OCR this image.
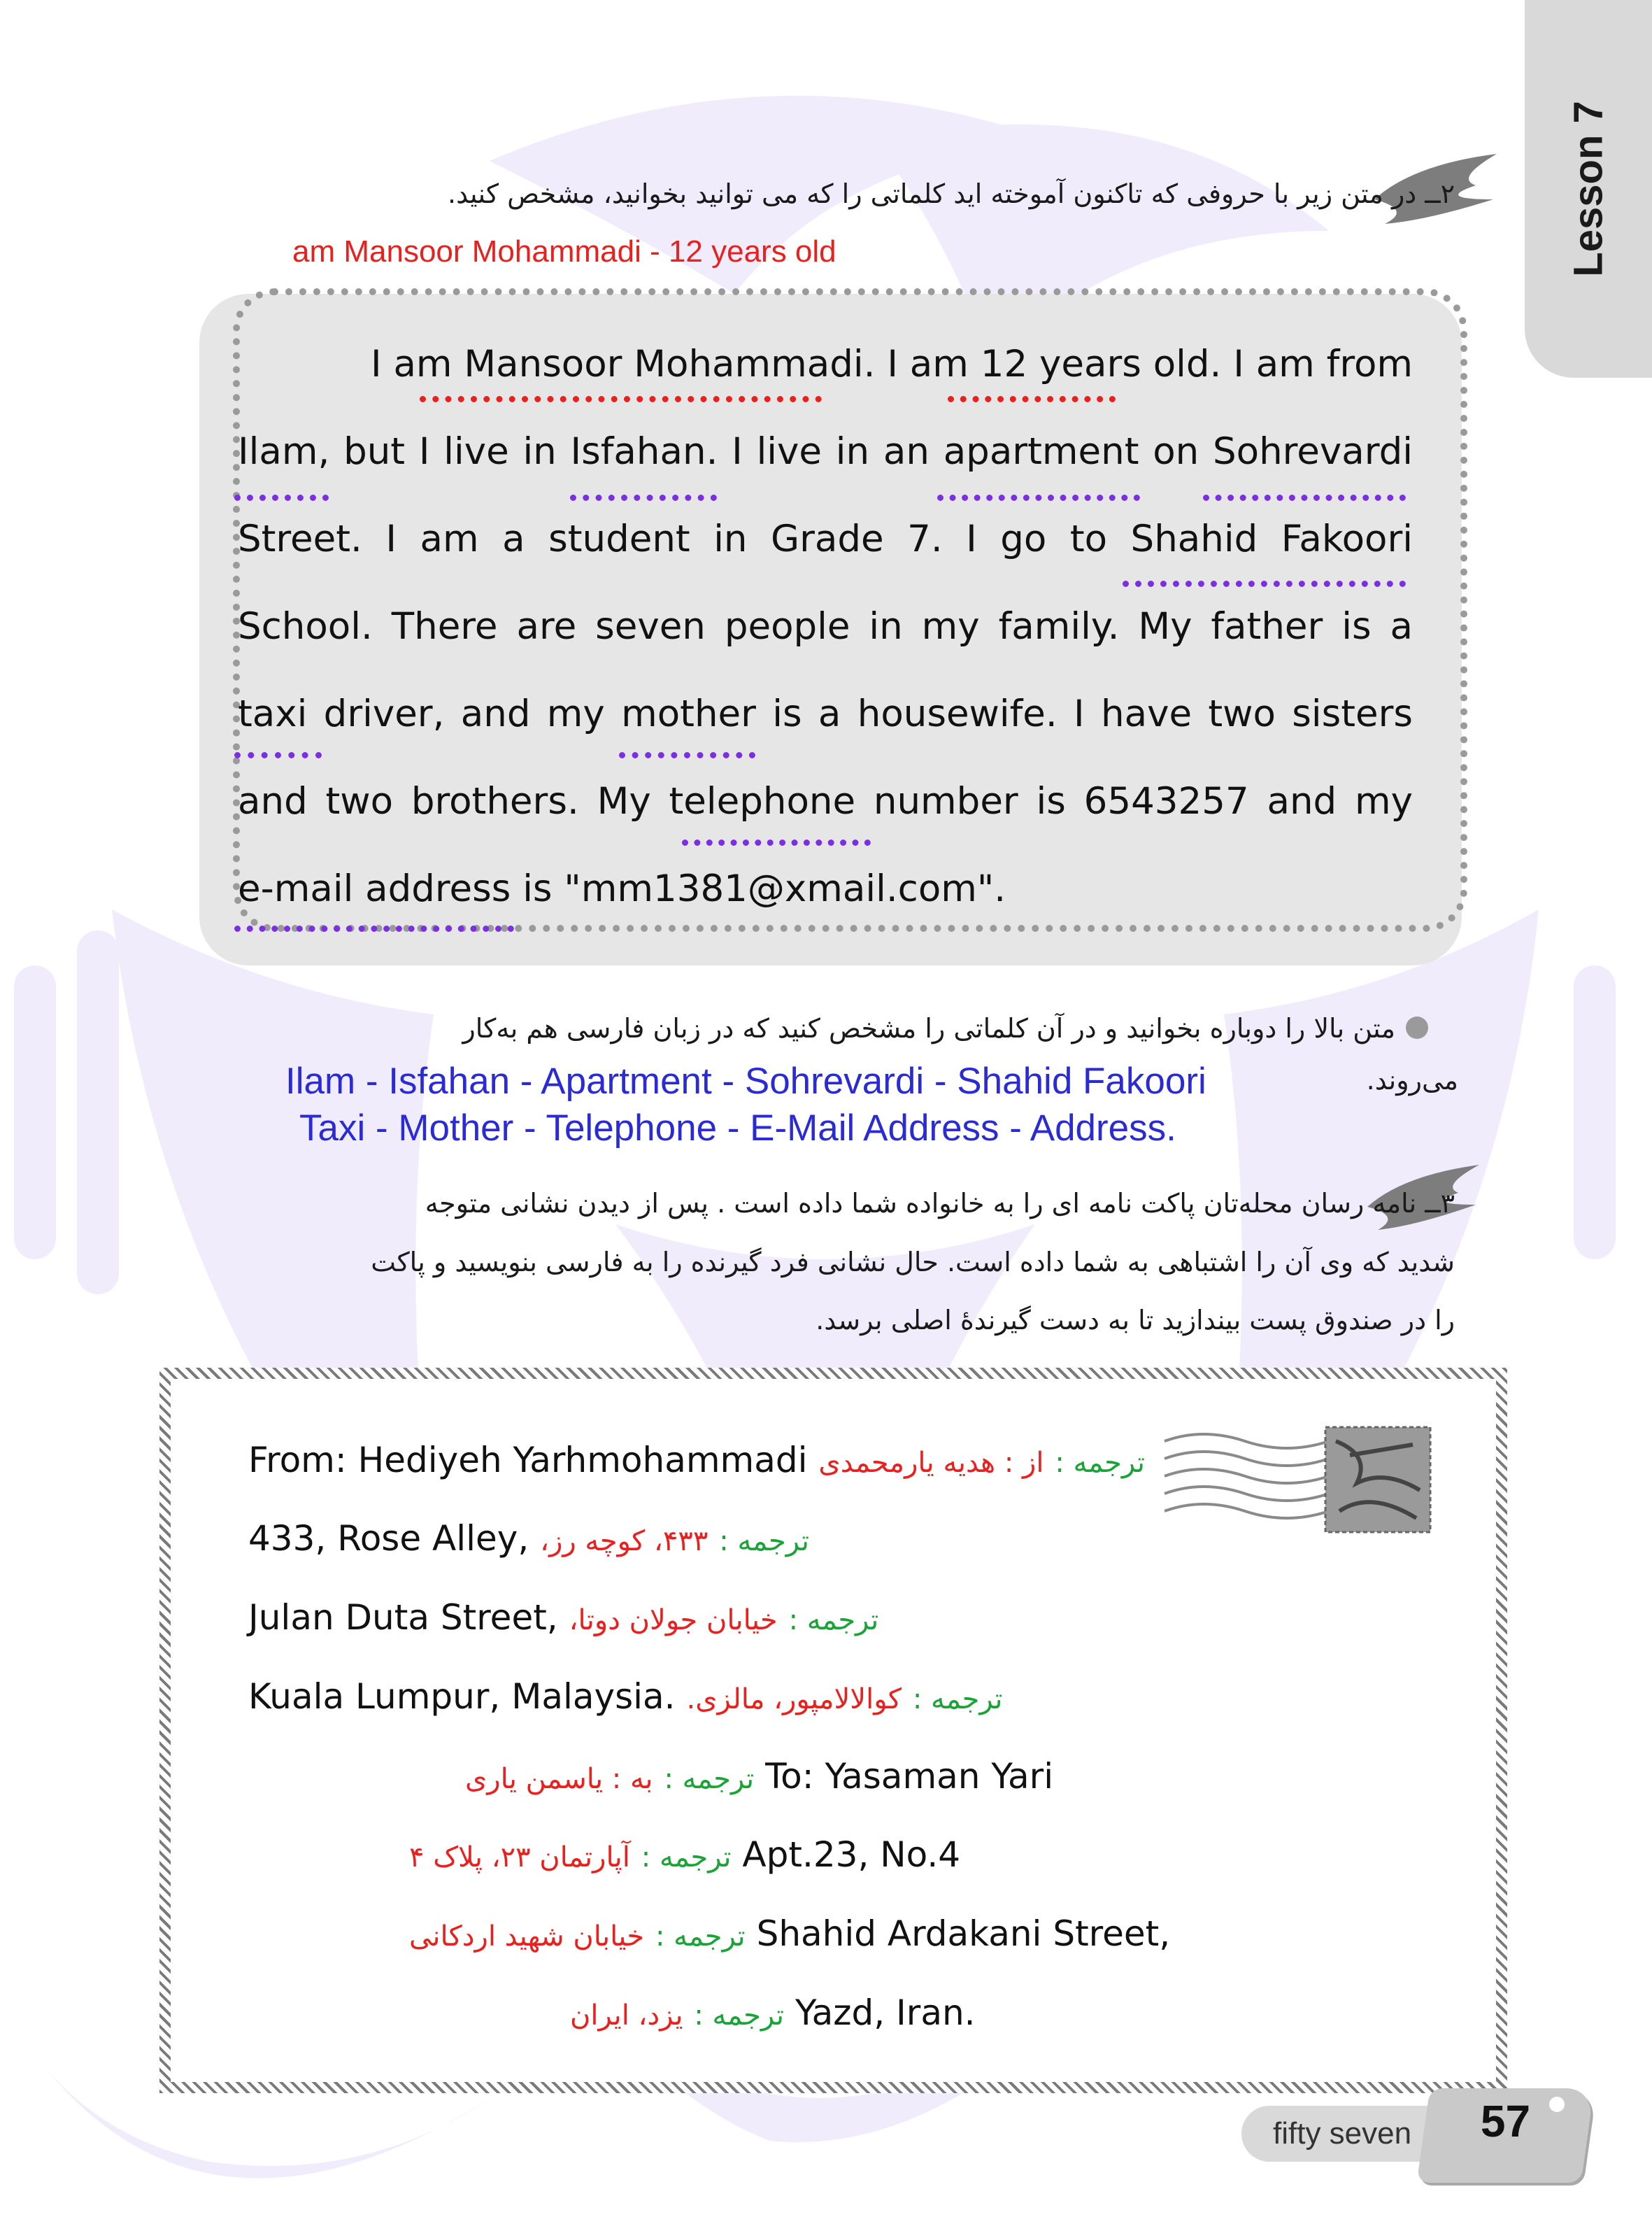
Lesson 7
۲ــ در متن زیر با حروفی که تاکنون آموخته اید کلماتی را که می توانید بخوانید، مشخص کنید.
am Mansoor Mohammadi - 12 years old
I am Mansoor Mohammadi. I am 12 years old. I am from
Ilam, but I live in Isfahan. I live in an apartment on Sohrevardi
Street. I am a student in Grade 7. I go to Shahid Fakoori
School. There are seven people in my family. My father is a
taxi driver, and my mother is a housewife. I have two sisters
and two brothers. My telephone number is 6543257 and my
e-mail address is "mm1381@xmail.com".
متن بالا را دوباره بخوانید و در آن کلماتی را مشخص کنید که در زبان فارسی هم به‌کار
می‌روند.
Ilam - Isfahan - Apartment - Sohrevardi - Shahid Fakoori
Taxi - Mother - Telephone - E-Mail Address - Address.
۳ــ نامه رسان محله‌تان پاکت نامه ای را به خانواده شما داده است . پس از دیدن نشانی متوجه
شدید که وی آن را اشتباهی به شما داده است. حال نشانی فرد گیرنده را به فارسی بنویسید و پاکت
را در صندوق پست بیندازید تا به دست گیرندهٔ اصلی برسد.
From: Hediyeh Yarhmohammadi	ترجمه : از : هدیه یارمحمدی
433, Rose Alley,	ترجمه : ۴۳۳، کوچه رز،
Julan Duta Street,	ترجمه : خیابان جولان دوتا،
Kuala Lumpur, Malaysia.	ترجمه : کوالالامپور، مالزی.
ترجمه : به : یاسمن یاری	To: Yasaman Yari
ترجمه : آپارتمان ۲۳، پلاک ۴	Apt.23, No.4
ترجمه : خیابان شهید اردکانی	Shahid Ardakani Street,
ترجمه : یزد، ایران	Yazd, Iran.
fifty seven	57
